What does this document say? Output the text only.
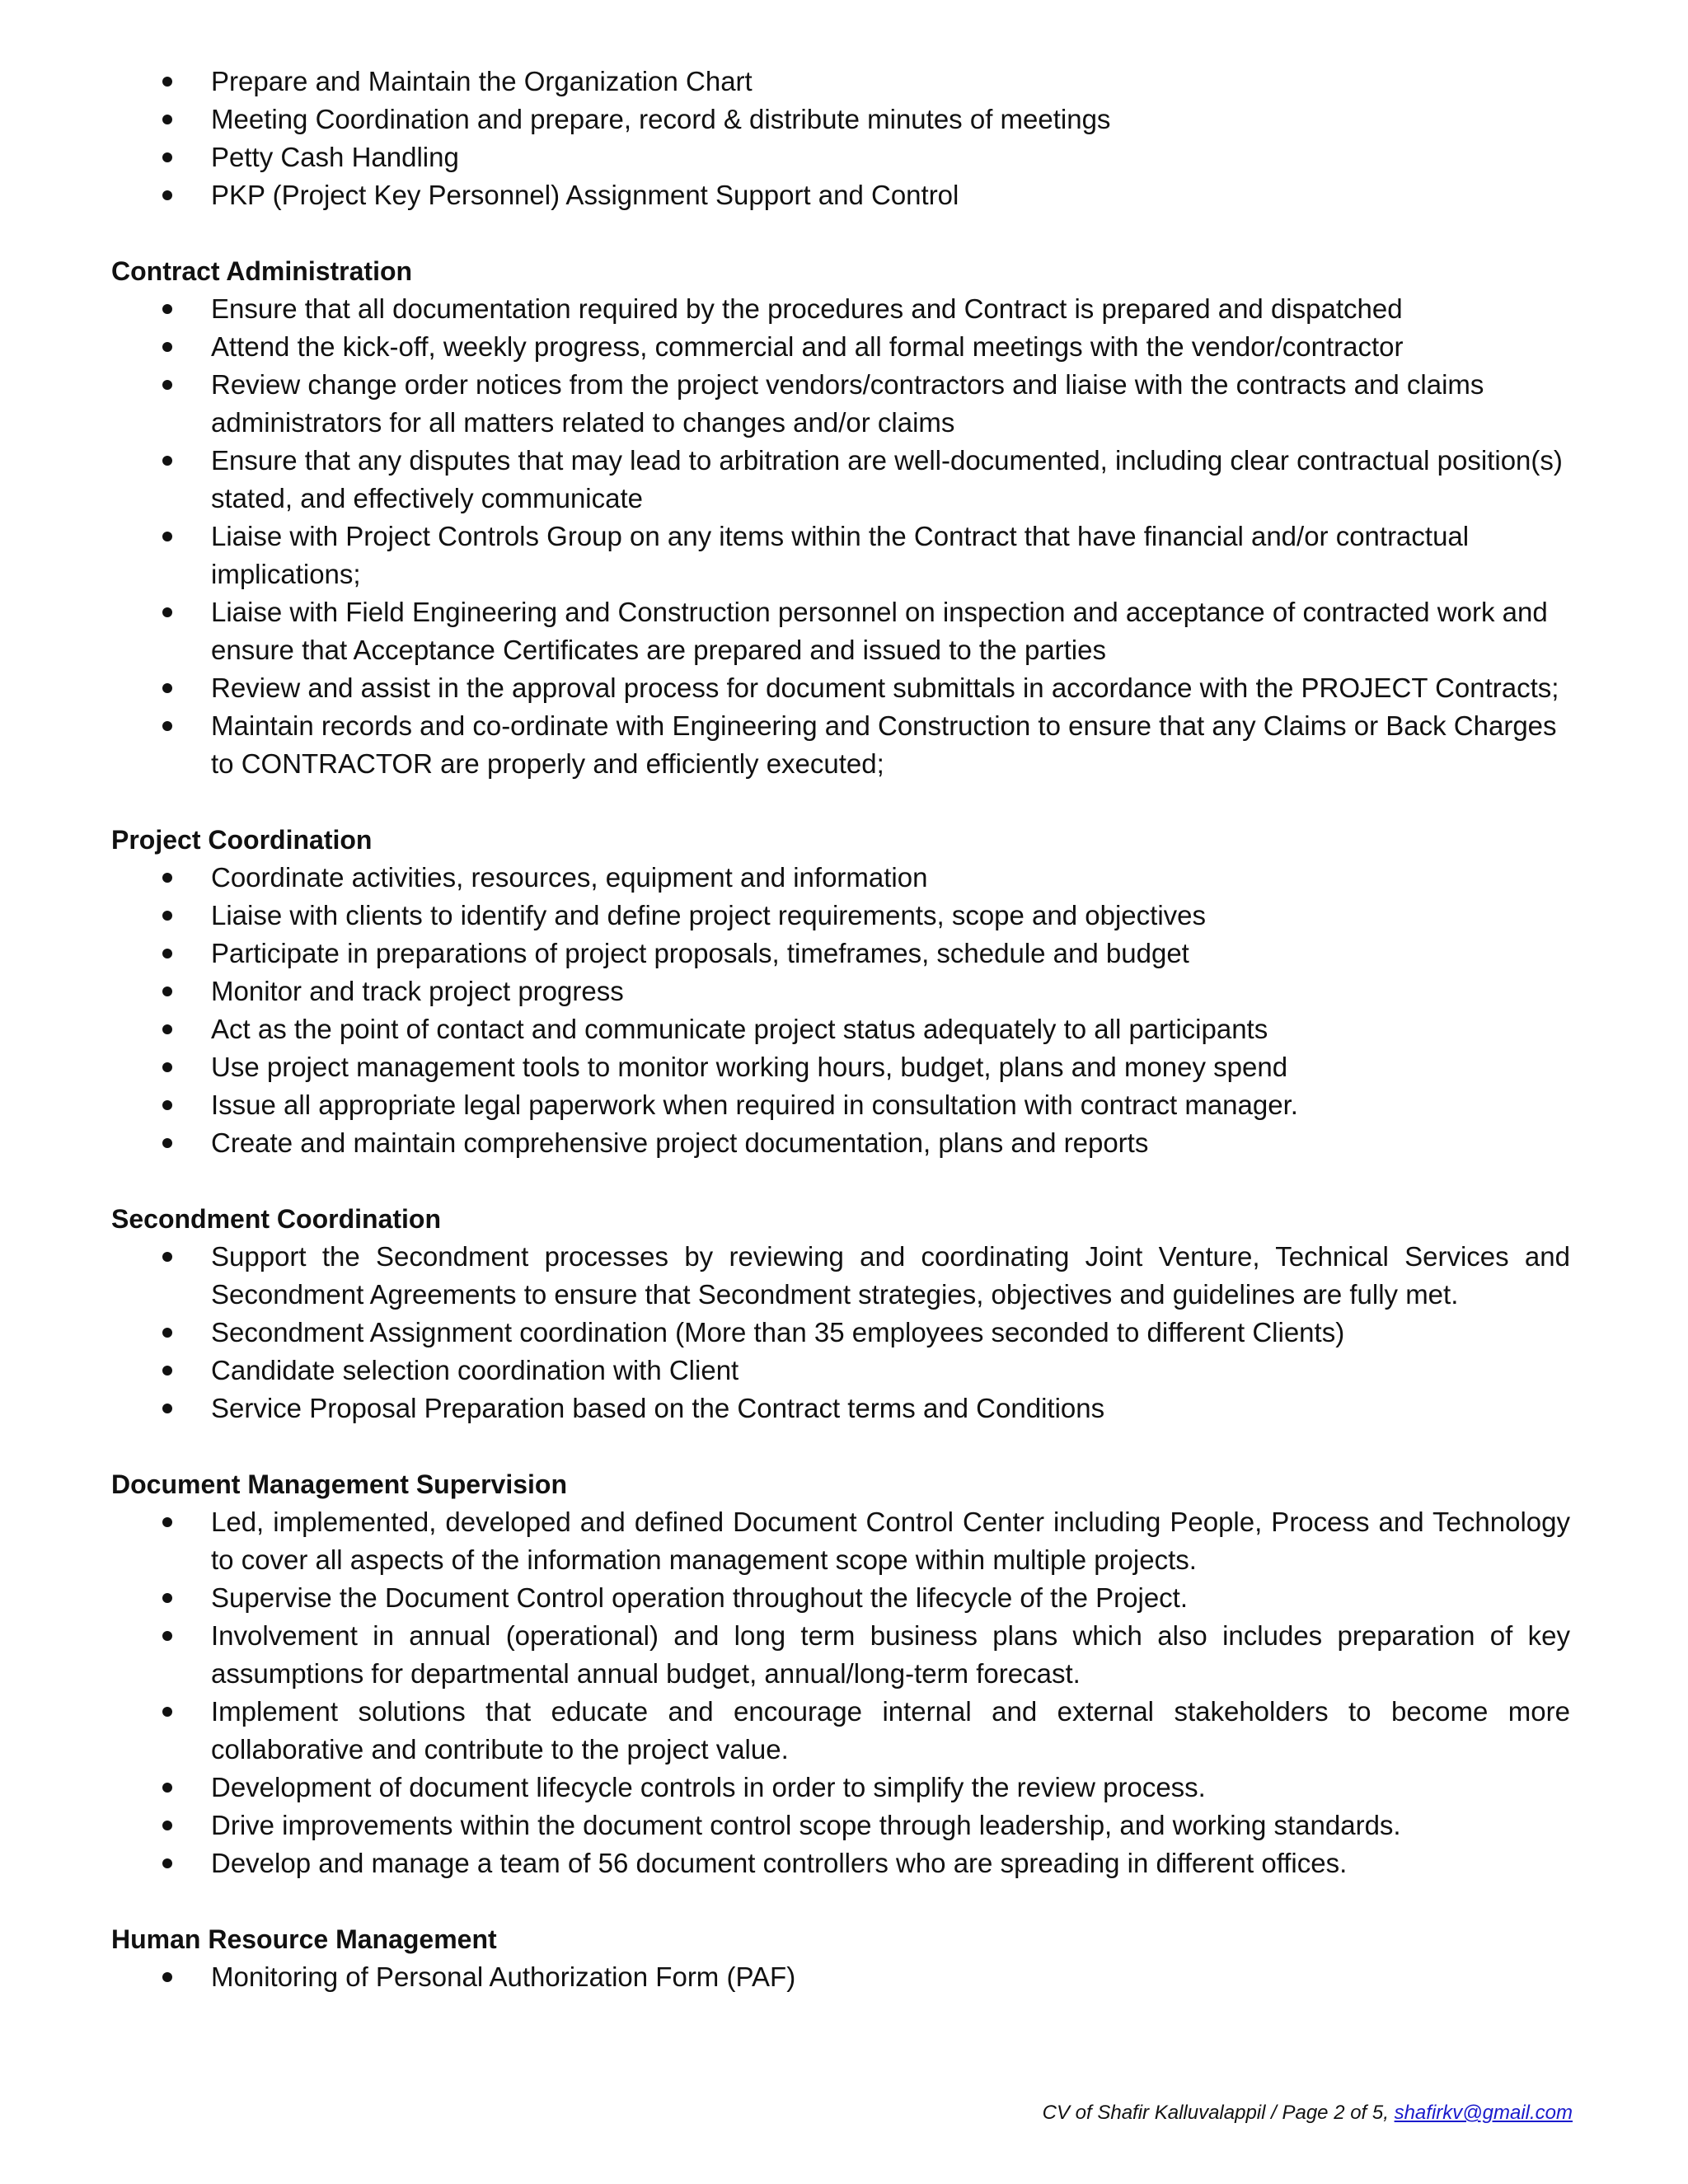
Prepare and Maintain the Organization Chart
Meeting Coordination and prepare, record & distribute minutes of meetings
Petty Cash Handling
PKP (Project Key Personnel) Assignment Support and Control
Contract Administration
Ensure that all documentation required by the procedures and Contract is prepared and dispatched
Attend the kick-off, weekly progress, commercial and all formal meetings with the vendor/contractor
Review change order notices from the project vendors/contractors and liaise with the contracts and claims administrators for all matters related to changes and/or claims
Ensure that any disputes that may lead to arbitration are well-documented, including clear contractual position(s) stated, and effectively communicate
Liaise with Project Controls Group on any items within the Contract that have financial and/or contractual implications;
Liaise with Field Engineering and Construction personnel on inspection and acceptance of contracted work and ensure that Acceptance Certificates are prepared and issued to the parties
Review and assist in the approval process for document submittals in accordance with the PROJECT Contracts;
Maintain records and co-ordinate with Engineering and Construction to ensure that any Claims or Back Charges to CONTRACTOR are properly and efficiently executed;
Project Coordination
Coordinate activities, resources, equipment and information
Liaise with clients to identify and define project requirements, scope and objectives
Participate in preparations of project proposals, timeframes, schedule and budget
Monitor and track project progress
Act as the point of contact and communicate project status adequately to all participants
Use project management tools to monitor working hours, budget, plans and money spend
Issue all appropriate legal paperwork when required in consultation with contract manager.
Create and maintain comprehensive project documentation, plans and reports
Secondment Coordination
Support the Secondment processes by reviewing and coordinating Joint Venture, Technical Services and Secondment Agreements to ensure that Secondment strategies, objectives and guidelines are fully met.
Secondment Assignment coordination (More than 35 employees seconded to different Clients)
Candidate selection coordination with Client
Service Proposal Preparation based on the Contract terms and Conditions
Document Management Supervision
Led, implemented, developed and defined Document Control Center including People, Process and Technology to cover all aspects of the information management scope within multiple projects.
Supervise the Document Control operation throughout the lifecycle of the Project.
Involvement in annual (operational) and long term business plans which also includes preparation of key assumptions for departmental annual budget, annual/long-term forecast.
Implement solutions that educate and encourage internal and external stakeholders to become more collaborative and contribute to the project value.
Development of document lifecycle controls in order to simplify the review process.
Drive improvements within the document control scope through leadership, and working standards.
Develop and manage a team of 56 document controllers who are spreading in different offices.
Human Resource Management
Monitoring of Personal Authorization Form (PAF)
CV of Shafir Kalluvalappil / Page 2 of 5, shafirkv@gmail.com
